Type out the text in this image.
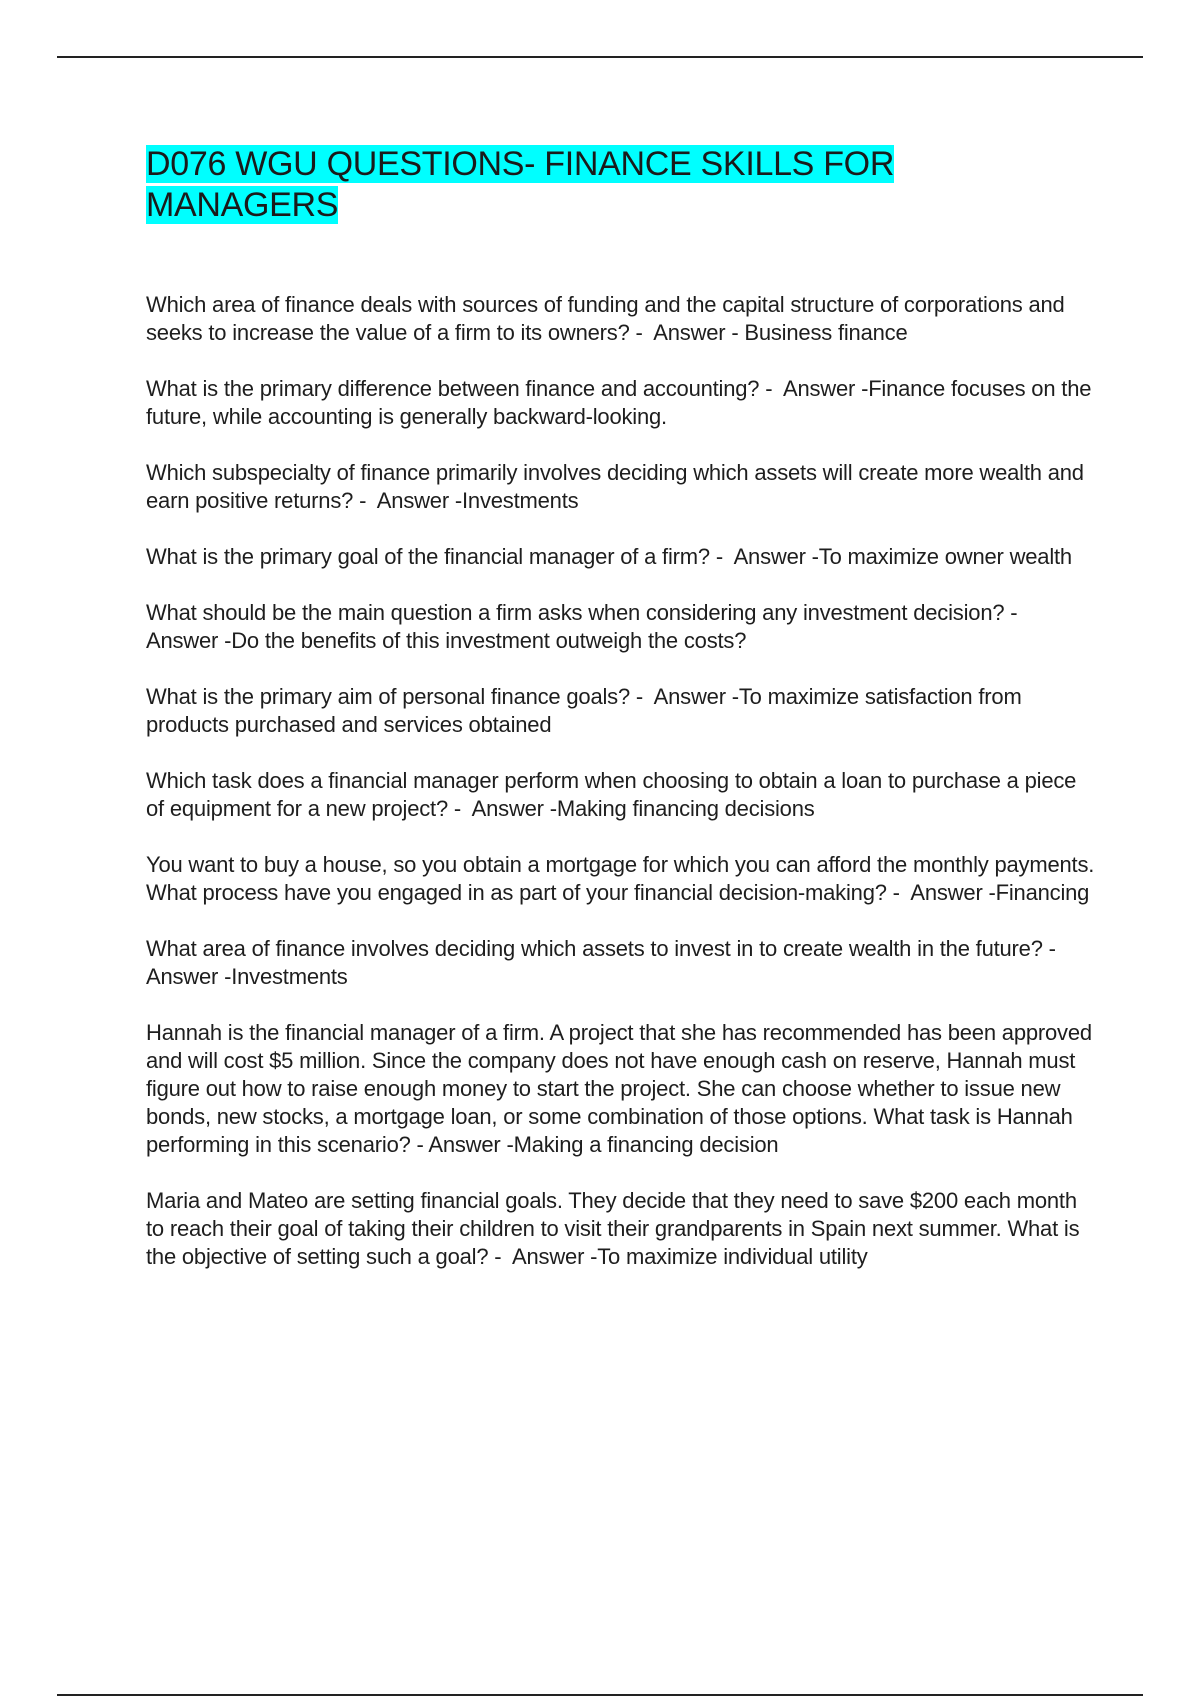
D076 WGU QUESTIONS- FINANCE SKILLS FOR
MANAGERS

Which area of finance deals with sources of funding and the capital structure of corporations and seeks to increase the value of a firm to its owners? -  Answer - Business finance

What is the primary difference between finance and accounting? -  Answer -Finance focuses on the future, while accounting is generally backward-looking.

Which subspecialty of finance primarily involves deciding which assets will create more wealth and earn positive returns? -  Answer -Investments

What is the primary goal of the financial manager of a firm? -  Answer -To maximize owner wealth

What should be the main question a firm asks when considering any investment decision? -  Answer -Do the benefits of this investment outweigh the costs?

What is the primary aim of personal finance goals? -  Answer -To maximize satisfaction from products purchased and services obtained

Which task does a financial manager perform when choosing to obtain a loan to purchase a piece of equipment for a new project? -  Answer -Making financing decisions

You want to buy a house, so you obtain a mortgage for which you can afford the monthly payments. What process have you engaged in as part of your financial decision-making? -  Answer -Financing

What area of finance involves deciding which assets to invest in to create wealth in the future? -  Answer -Investments

Hannah is the financial manager of a firm. A project that she has recommended has been approved and will cost $5 million. Since the company does not have enough cash on reserve, Hannah must figure out how to raise enough money to start the project. She can choose whether to issue new bonds, new stocks, a mortgage loan, or some combination of those options. What task is Hannah performing in this scenario? - Answer -Making a financing decision

Maria and Mateo are setting financial goals. They decide that they need to save $200 each month to reach their goal of taking their children to visit their grandparents in Spain next summer. What is the objective of setting such a goal? -  Answer -To maximize individual utility
